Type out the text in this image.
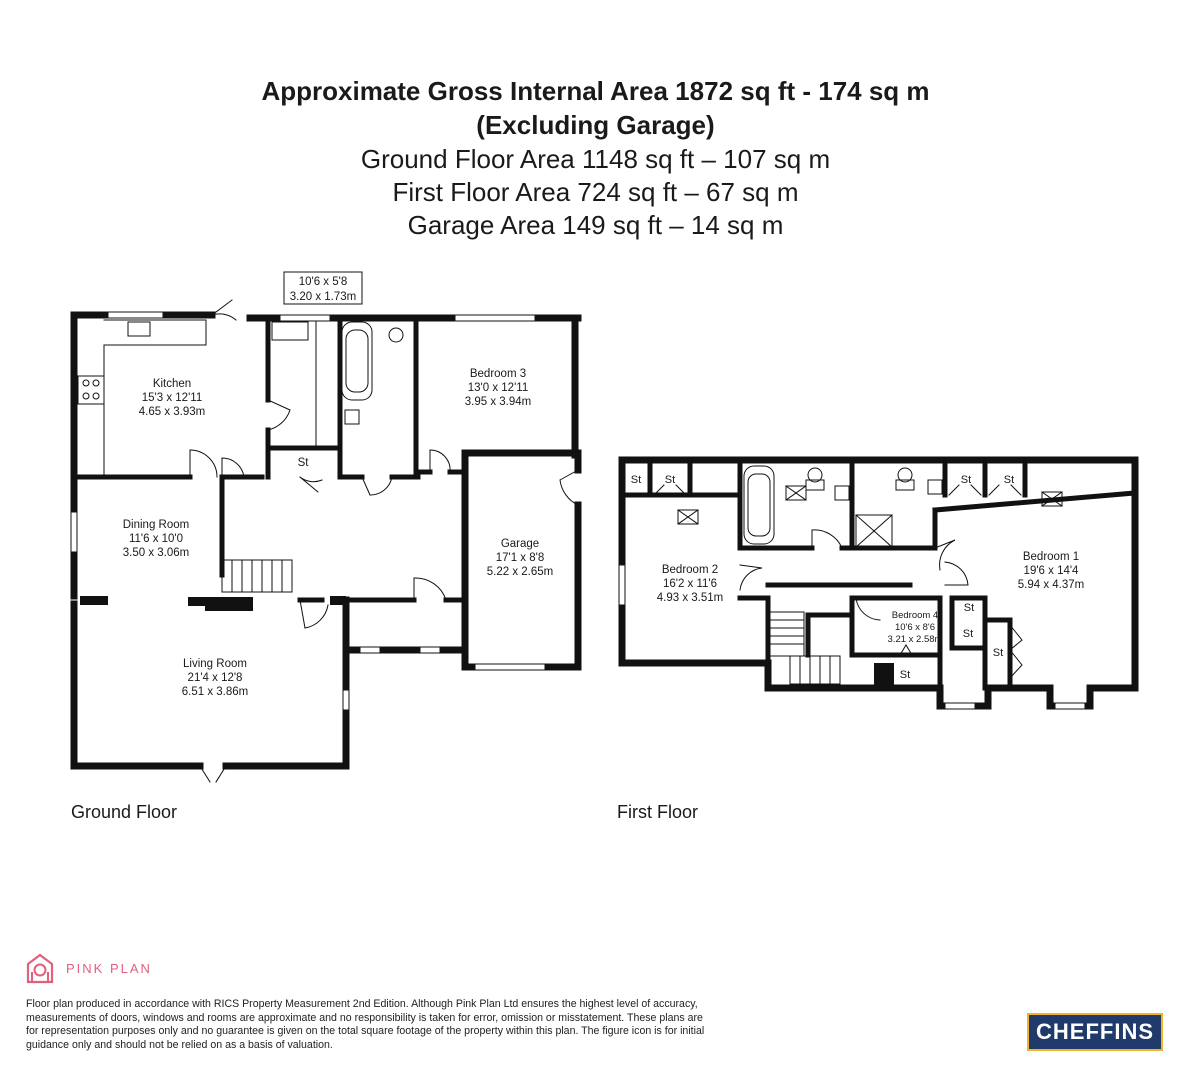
Approximate Gross Internal Area 1872 sq ft - 174 sq m
(Excluding Garage)
Ground Floor Area 1148 sq ft – 107 sq m
First Floor Area 724 sq ft – 67 sq m
Garage Area 149 sq ft – 14 sq m
10'6 x 5'8
3.20 x 1.73m
Kitchen
15'3 x 12'11
4.65 x 3.93m
Bedroom 3
13'0 x 12'11
3.95 x 3.94m
Dining Room
11'6 x 10'0
3.50 x 3.06m
Garage
17'1 x 8'8
5.22 x 2.65m
Living Room
21'4 x 12'8
6.51 x 3.86m
St
Bedroom 1
19'6 x 14'4
5.94 x 4.37m
Bedroom 2
16'2 x 11'6
4.93 x 3.51m
Bedroom 4
10'6 x 8'6
3.21 x 2.58m
St St	St	St
St
St
St
St
Ground Floor	First Floor
PINK PLAN
Floor plan produced in accordance with RICS Property Measurement 2nd Edition. Although Pink Plan Ltd ensures the highest level of accuracy, measurements of doors, windows and rooms are approximate and no responsibility is taken for error, omission or misstatement. These plans are for representation purposes only and no guarantee is given on the total square footage of the property within this plan. The figure icon is for initial guidance only and should not be relied on as a basis of valuation.
CHEFFINS
